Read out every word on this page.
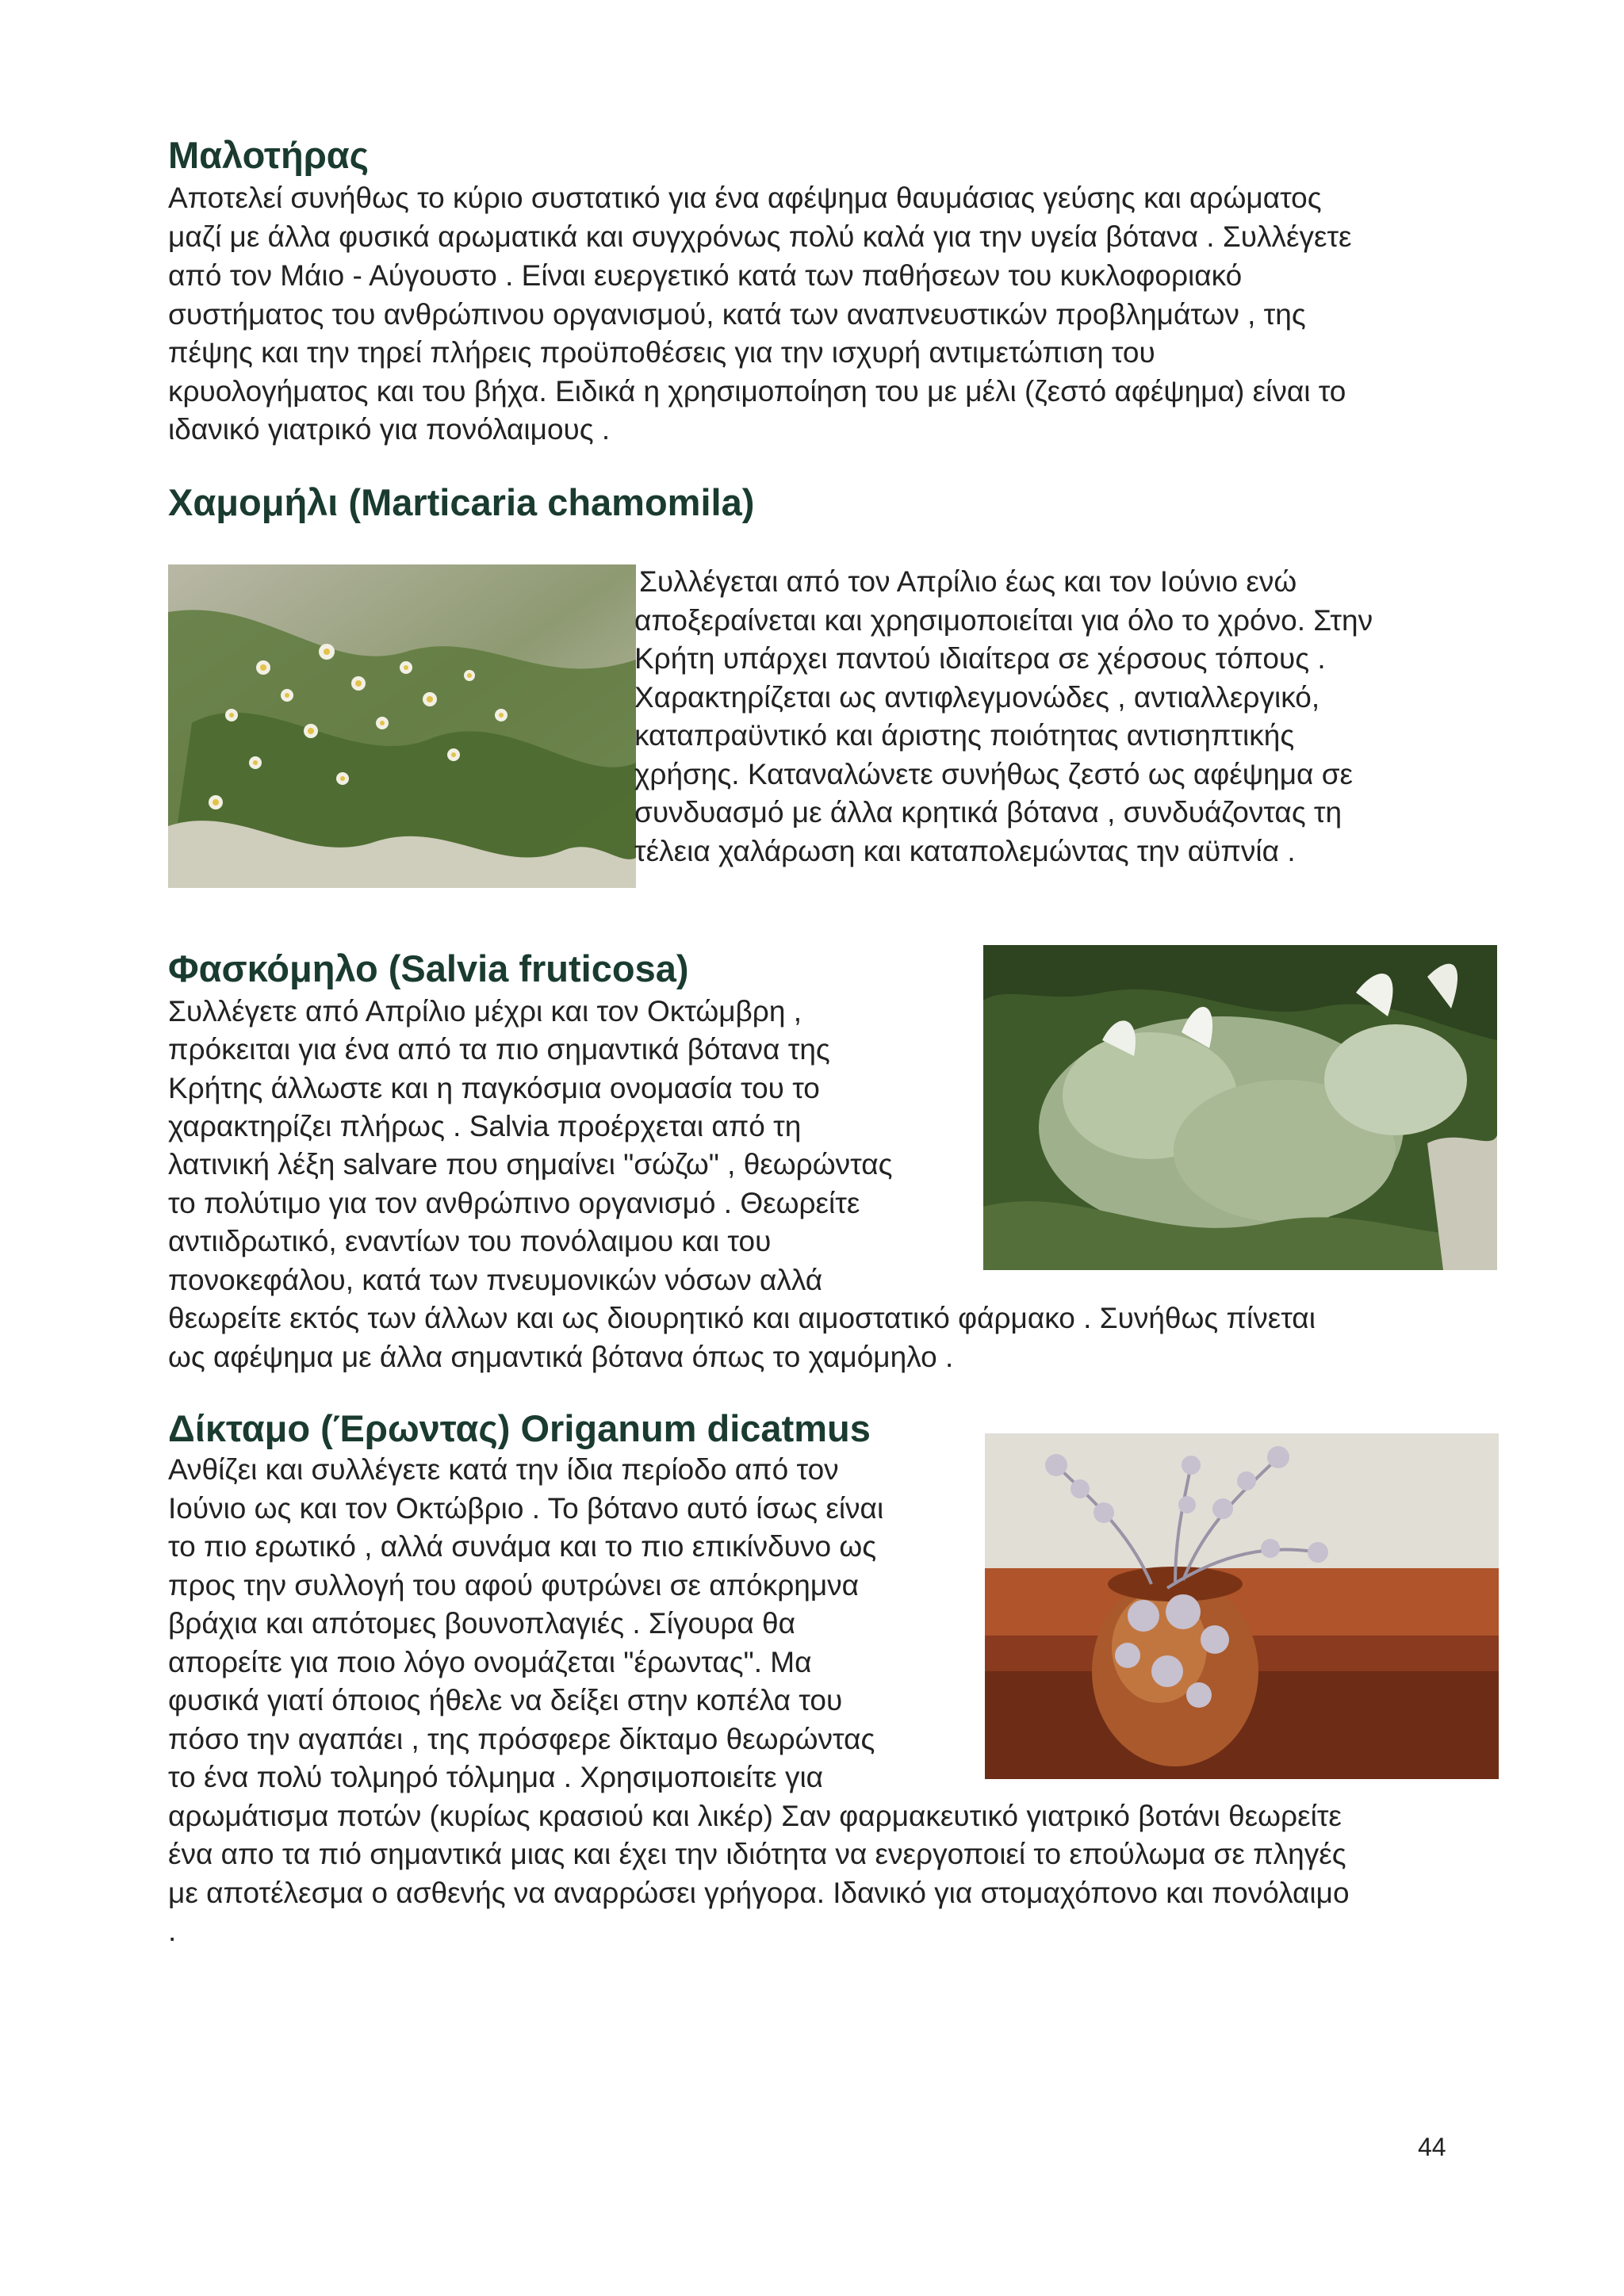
Μαλοτήρας

Αποτελεί συνήθως το κύριο συστατικό για ένα αφέψημα θαυμάσιας γεύσης και αρώματος

μαζί με άλλα φυσικά αρωματικά και συγχρόνως πολύ καλά για την υγεία βότανα . Συλλέγετε

από τον Μάιο - Αύγουστο . Είναι ευεργετικό κατά των παθήσεων του κυκλοφοριακό

συστήματος του ανθρώπινου οργανισμού, κατά των αναπνευστικών προβλημάτων , της

πέψης και την τηρεί πλήρεις προϋποθέσεις για την ισχυρή αντιμετώπιση του

κρυολογήματος και του βήχα. Ειδικά η χρησιμοποίηση του με μέλι (ζεστό αφέψημα) είναι το

ιδανικό γιατρικό για πονόλαιμους .

Χαμομήλι (Marticaria chamomila)

Συλλέγεται από τον Απρίλιο έως και τον Ιούνιο ενώ

αποξεραίνεται και χρησιμοποιείται για όλο το χρόνο. Στην

Κρήτη υπάρχει παντού ιδιαίτερα σε χέρσους τόπους .

Χαρακτηρίζεται ως αντιφλεγμονώδες , αντιαλλεργικό,

καταπραϋντικό και άριστης ποιότητας αντισηπτικής

χρήσης. Καταναλώνετε συνήθως ζεστό ως αφέψημα σε

συνδυασμό με άλλα κρητικά βότανα , συνδυάζοντας τη

τέλεια χαλάρωση και καταπολεμώντας την αϋπνία .

Φασκόμηλο (Salvia fruticosa)

Συλλέγετε από Απρίλιο μέχρι και τον Οκτώμβρη ,

πρόκειται για ένα από τα πιο σημαντικά βότανα της

Κρήτης άλλωστε και η παγκόσμια ονομασία του το

χαρακτηρίζει πλήρως . Salvia προέρχεται από τη

λατινική λέξη salvare που σημαίνει "σώζω" , θεωρώντας

το πολύτιμο για τον ανθρώπινο οργανισμό . Θεωρείτε

αντιιδρωτικό, εναντίων του πονόλαιμου και του

πονοκεφάλου, κατά των πνευμονικών νόσων αλλά

θεωρείτε εκτός των άλλων και ως διουρητικό και αιμοστατικό φάρμακο . Συνήθως πίνεται

ως αφέψημα με άλλα σημαντικά βότανα όπως το χαμόμηλο .

Δίκταμο (Έρωντας) Origanum dicatmus

Ανθίζει και συλλέγετε κατά την ίδια περίοδο από τον

Ιούνιο ως και τον Οκτώβριο . Το βότανο αυτό ίσως είναι

το πιο ερωτικό , αλλά συνάμα και το πιο επικίνδυνο ως

προς την συλλογή του αφού φυτρώνει σε απόκρημνα

βράχια και απότομες βουνοπλαγιές . Σίγουρα θα

απορείτε για ποιο λόγο ονομάζεται "έρωντας". Μα

φυσικά γιατί όποιος ήθελε να δείξει στην κοπέλα του

πόσο την αγαπάει , της πρόσφερε δίκταμο θεωρώντας

το ένα πολύ τολμηρό τόλμημα . Χρησιμοποιείτε για

αρωμάτισμα ποτών (κυρίως κρασιού και λικέρ) Σαν φαρμακευτικό γιατρικό βοτάνι θεωρείτε

ένα απο τα πιό σημαντικά μιας και έχει την ιδιότητα να ενεργοποιεί το επούλωμα σε πληγές

με αποτέλεσμα ο ασθενής να αναρρώσει γρήγορα. Ιδανικό για στομαχόπονο και πονόλαιμο

.

44
